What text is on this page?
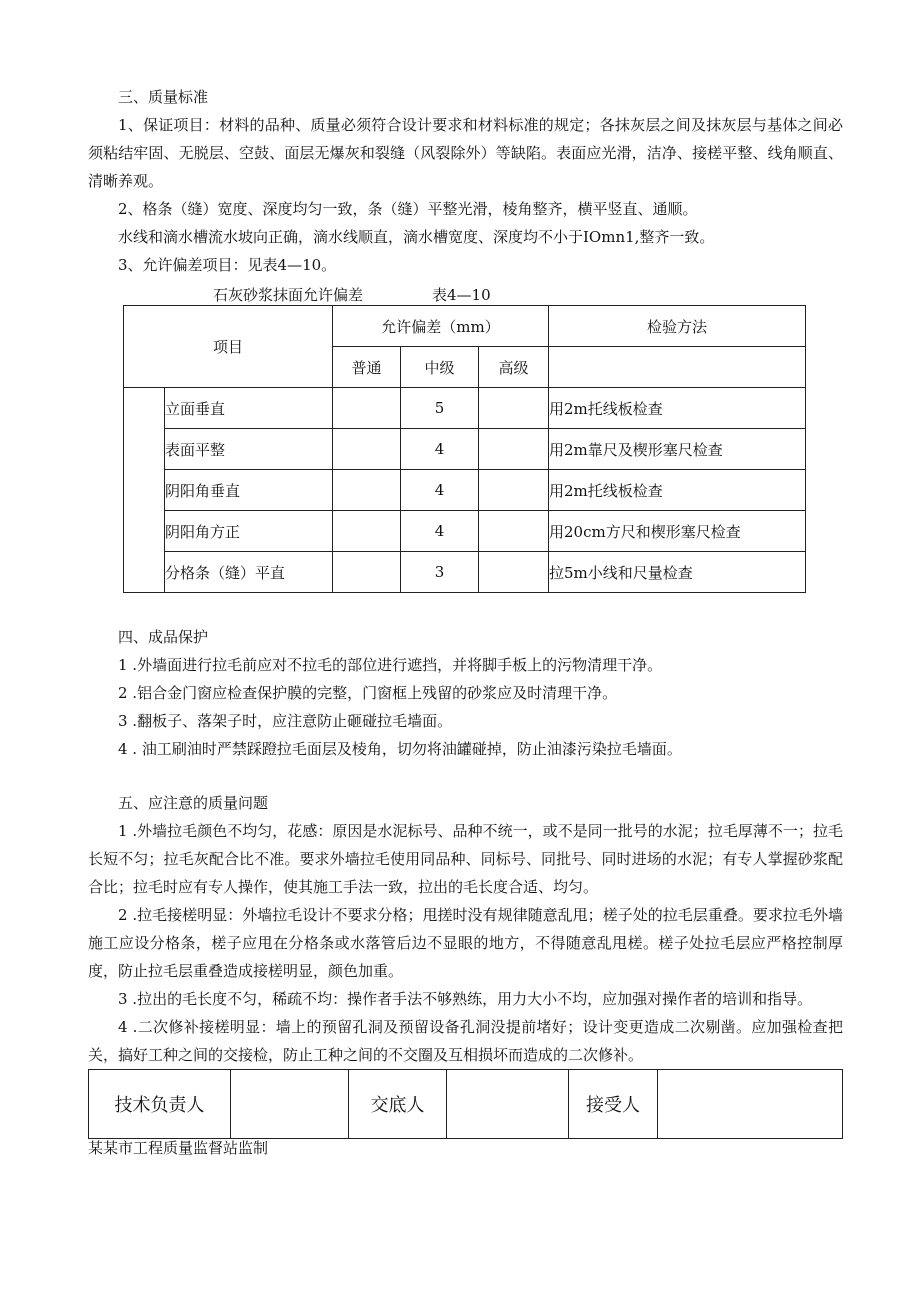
三、质量标准

1、保证项目：材料的品种、质量必须符合设计要求和材料标准的规定；各抹灰层之间及抹灰层与基体之间必须粘结牢固、无脱层、空鼓、面层无爆灰和裂缝（风裂除外）等缺陷。表面应光滑，洁净、接槎平整、线角顺直、清晰养观。

2、格条（缝）宽度、深度均匀一致，条（缝）平整光滑，棱角整齐，横平竖直、通顺。

水线和滴水槽流水坡向正确，滴水线顺直，滴水槽宽度、深度均不小于IOmn1,整齐一致。

3、允许偏差项目：见表4—10。

石灰砂浆抹面允许偏差	表4—10
项目		允许偏差（mm）			检验方法
		普通	中级	高级	
	立面垂直		5		用2m托线板检查
	表面平整		4		用2m靠尺及楔形塞尺检查
	阴阳角垂直		4		用2m托线板检查
	阴阳角方正		4		用20cm方尺和楔形塞尺检查
	分格条（缝）平直		3		拉5m小线和尺量检查

四、成品保护

1 .外墙面进行拉毛前应对不拉毛的部位进行遮挡，并将脚手板上的污物清理干净。

2 .铝合金门窗应检查保护膜的完整，门窗框上残留的砂浆应及时清理干净。

3 .翻板子、落架子时，应注意防止砸碰拉毛墙面。

4 . 油工刷油时严禁踩蹬拉毛面层及棱角，切勿将油罐碰掉，防止油漆污染拉毛墙面。

五、应注意的质量问题

1 .外墙拉毛颜色不均匀，花感：原因是水泥标号、品种不统一，或不是同一批号的水泥；拉毛厚薄不一；拉毛长短不匀；拉毛灰配合比不准。要求外墙拉毛使用同品种、同标号、同批号、同时进场的水泥；有专人掌握砂浆配合比；拉毛时应有专人操作，使其施工手法一致，拉出的毛长度合适、均匀。

2 .拉毛接槎明显：外墙拉毛设计不要求分格；甩搓时没有规律随意乱甩；槎子处的拉毛层重叠。要求拉毛外墙施工应设分格条，槎子应甩在分格条或水落管后边不显眼的地方，不得随意乱甩槎。槎子处拉毛层应严格控制厚度，防止拉毛层重叠造成接槎明显，颜色加重。

3 .拉出的毛长度不匀，稀疏不均：操作者手法不够熟练，用力大小不均，应加强对操作者的培训和指导。

4 .二次修补接槎明显：墙上的预留孔洞及预留设备孔洞没提前堵好；设计变更造成二次剔凿。应加强检查把关，搞好工种之间的交接检，防止工种之间的不交圈及互相损坏而造成的二次修补。

技术负责人		交底人		接受人	
某某市工程质量监督站监制
